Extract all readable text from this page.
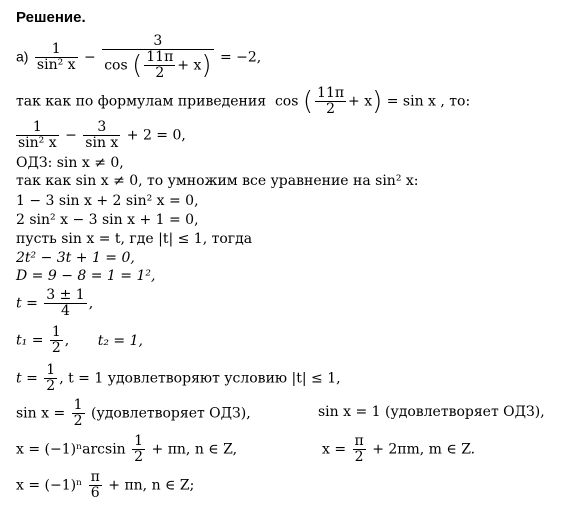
Решение.
$а) \frac{1}{\text{sin² x}} - \frac{3}{\cos ( \frac{11\pi}{2} + x)} = -2$,
так как по формулам приведения cos ( $\frac{11\pi}{2} + x) = \sin x$ , то:
$\frac{1}{\text{sin² x}} - \frac{3}{\text{sin x}} + 2 = 0$,
ОДЗ: sin x ≠ 0,
так как sin x ≠ 0, то умножим все уравнение на sin² x:
1 − 3 sin x + 2 sin² x = 0,
2 sin² x − 3 sin x + 1 = 0,
пусть sin x = t, где |t| ≤ 1, тогда
2t² − 3t + 1 = 0,
D = 9 − 8 = 1 = 1²,
$t = \frac{3 \pm 1}{4}$ ,
$t_1 = \frac{1}{2}$ , t₂ = 1,
$t = \frac{1}{2}$ , t = 1 удовлетворяют условию |t| ≤ 1,
$\sin x = \frac{1}{2}$ (удовлетворяет ОДЗ),	sin x = 1 (удовлетворяет ОДЗ),
$x = (-1)^n\arcsin \frac{1}{2} + \pi n$, n ∈ Z,	$x = \frac{\pi}{2} + 2\pi m$, m ∈ Z.
$x = (-1)^n \frac{\pi}{6} + \pi n$, n ∈ Z;
